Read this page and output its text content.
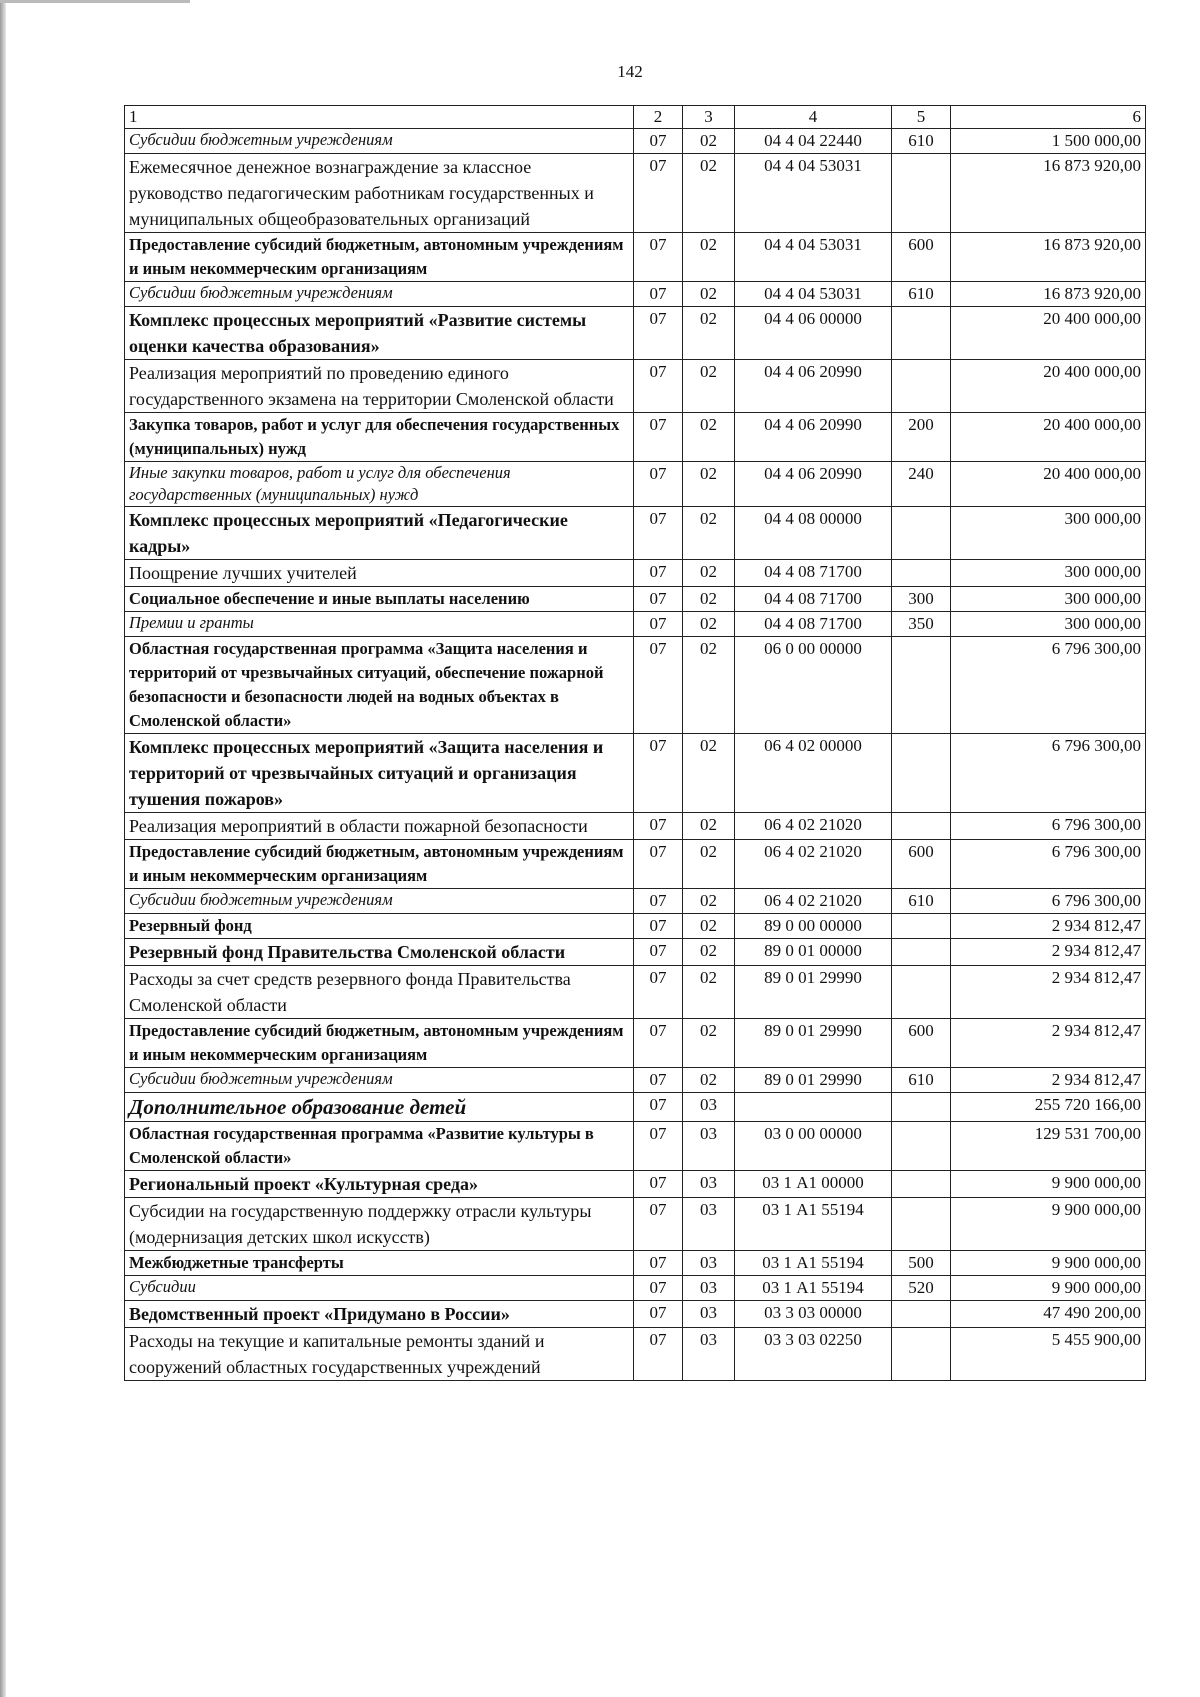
142
1	2	3	4	5	6
Субсидии бюджетным учреждениям	07	02	04 4 04 22440	610	1 500 000,00
Ежемесячное денежное вознаграждение за классное руководство педагогическим работникам государственных и муниципальных общеобразовательных организаций	07	02	04 4 04 53031		16 873 920,00
Предоставление субсидий бюджетным, автономным учреждениям и иным некоммерческим организациям	07	02	04 4 04 53031	600	16 873 920,00
Субсидии бюджетным учреждениям	07	02	04 4 04 53031	610	16 873 920,00
Комплекс процессных мероприятий «Развитие системы оценки качества образования»	07	02	04 4 06 00000		20 400 000,00
Реализация мероприятий по проведению единого государственного экзамена на территории Смоленской области	07	02	04 4 06 20990		20 400 000,00
Закупка товаров, работ и услуг для обеспечения государственных (муниципальных) нужд	07	02	04 4 06 20990	200	20 400 000,00
Иные закупки товаров, работ и услуг для обеспечения государственных (муниципальных) нужд	07	02	04 4 06 20990	240	20 400 000,00
Комплекс процессных мероприятий «Педагогические кадры»	07	02	04 4 08 00000		300 000,00
Поощрение лучших учителей	07	02	04 4 08 71700		300 000,00
Социальное обеспечение и иные выплаты населению	07	02	04 4 08 71700	300	300 000,00
Премии и гранты	07	02	04 4 08 71700	350	300 000,00
Областная государственная программа «Защита населения и территорий от чрезвычайных ситуаций, обеспечение пожарной безопасности и безопасности людей на водных объектах в Смоленской области»	07	02	06 0 00 00000		6 796 300,00
Комплекс процессных мероприятий «Защита населения и территорий от чрезвычайных ситуаций и организация тушения пожаров»	07	02	06 4 02 00000		6 796 300,00
Реализация мероприятий в области пожарной безопасности	07	02	06 4 02 21020		6 796 300,00
Предоставление субсидий бюджетным, автономным учреждениям и иным некоммерческим организациям	07	02	06 4 02 21020	600	6 796 300,00
Субсидии бюджетным учреждениям	07	02	06 4 02 21020	610	6 796 300,00
Резервный фонд	07	02	89 0 00 00000		2 934 812,47
Резервный фонд Правительства Смоленской области	07	02	89 0 01 00000		2 934 812,47
Расходы за счет средств резервного фонда Правительства Смоленской области	07	02	89 0 01 29990		2 934 812,47
Предоставление субсидий бюджетным, автономным учреждениям и иным некоммерческим организациям	07	02	89 0 01 29990	600	2 934 812,47
Субсидии бюджетным учреждениям	07	02	89 0 01 29990	610	2 934 812,47
Дополнительное образование детей	07	03			255 720 166,00
Областная государственная программа «Развитие культуры в Смоленской области»	07	03	03 0 00 00000		129 531 700,00
Региональный проект «Культурная среда»	07	03	03 1 А1 00000		9 900 000,00
Субсидии на государственную поддержку отрасли культуры (модернизация детских школ искусств)	07	03	03 1 А1 55194		9 900 000,00
Межбюджетные трансферты	07	03	03 1 А1 55194	500	9 900 000,00
Субсидии	07	03	03 1 А1 55194	520	9 900 000,00
Ведомственный проект «Придумано в России»	07	03	03 3 03 00000		47 490 200,00
Расходы на текущие и капитальные ремонты зданий и сооружений областных государственных учреждений	07	03	03 3 03 02250		5 455 900,00
